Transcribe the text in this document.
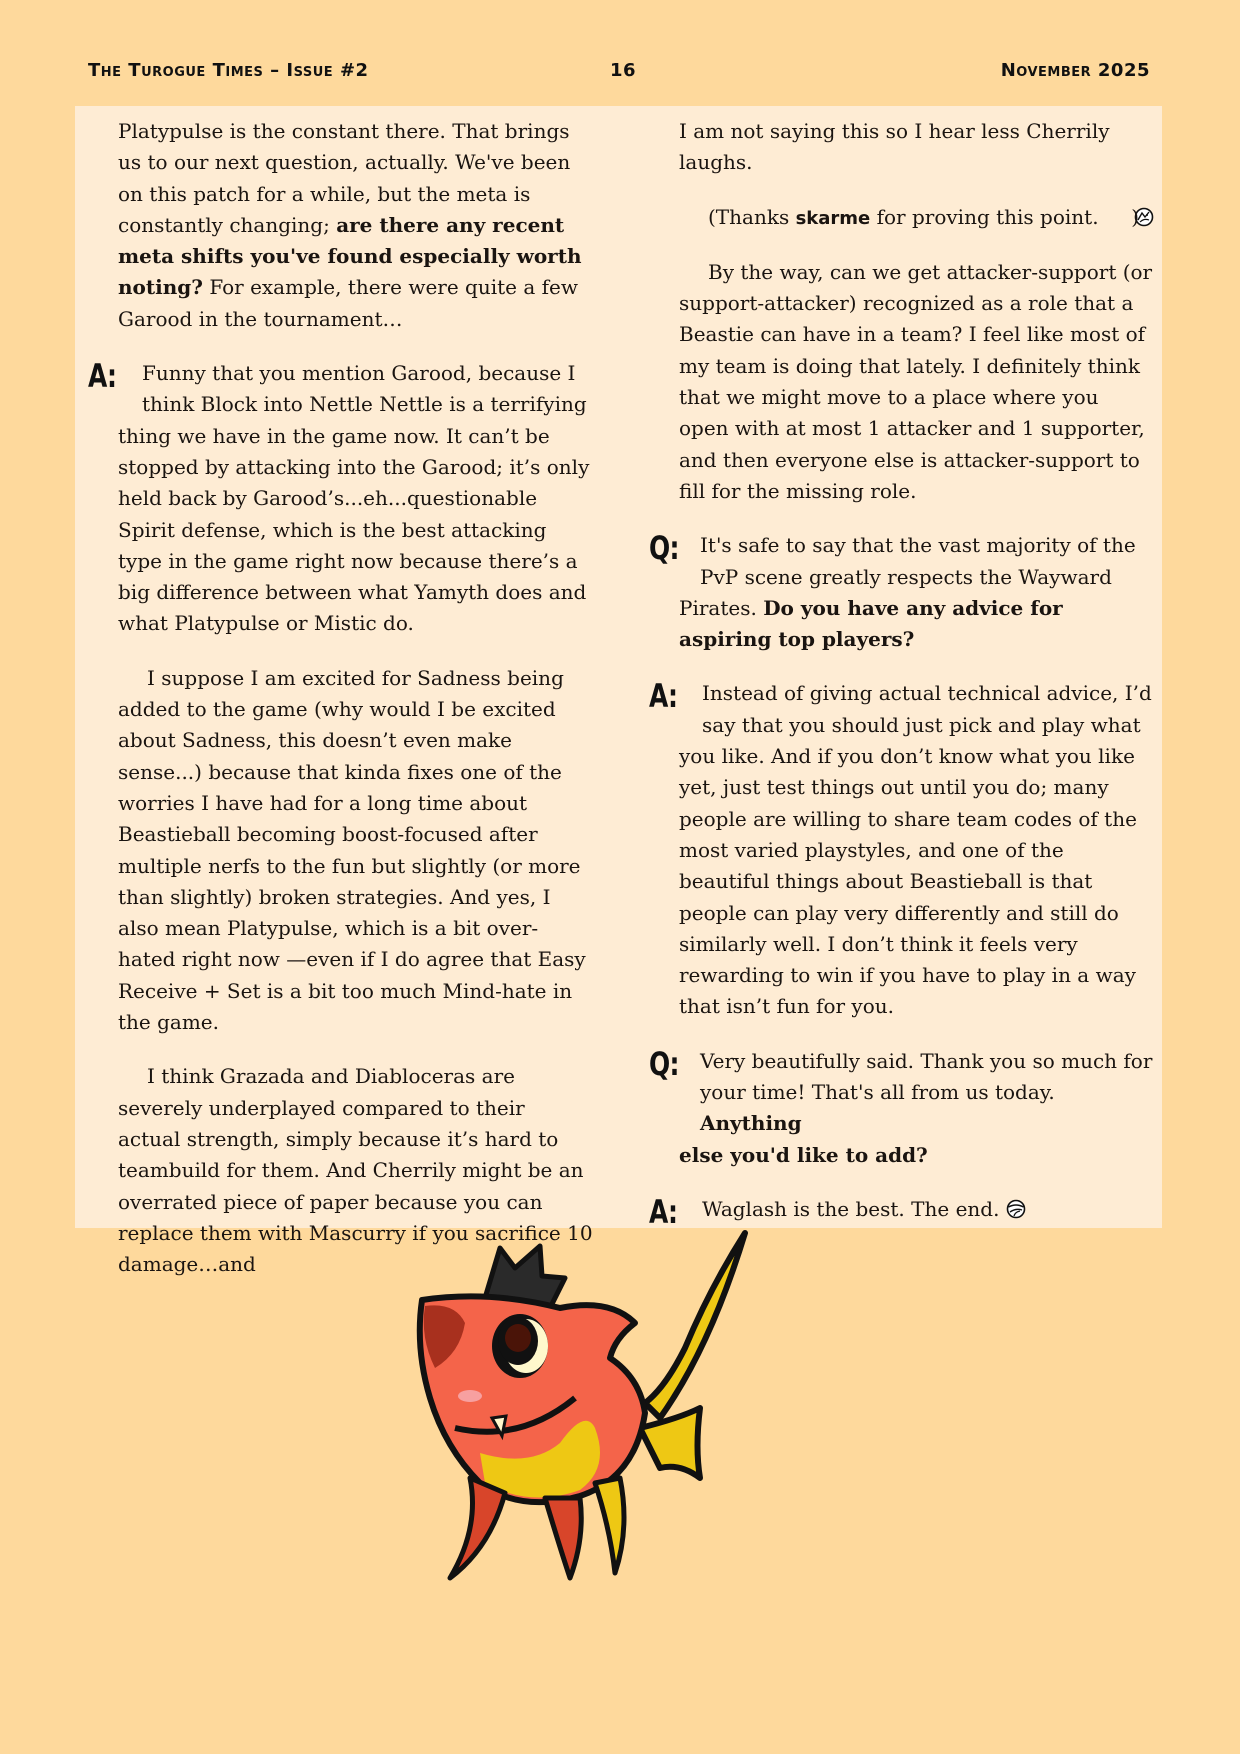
The Turogue Times – Issue #2	16	November 2025

Platypulse is the constant there. That brings us to our next question, actually. We've been on this patch for a while, but the meta is constantly changing; are there any recent meta shifts you've found especially worth noting? For example, there were quite a few Garood in the tournament…

A:	Funny that you mention Garood, because I
think Block into Nettle Nettle is a terrifying
thing we have in the game now. It can’t be stopped by attacking into the Garood; it’s only held back by Garood’s...eh...questionable Spirit defense, which is the best attacking type in the game right now because there’s a big difference between what Yamyth does and what Platypulse or Mistic do.

I suppose I am excited for Sadness being added to the game (why would I be excited about Sadness, this doesn’t even make sense...) because that kinda fixes one of the worries I have had for a long time about Beastieball becoming boost-focused after multiple nerfs to the fun but slightly (or more than slightly) broken strategies. And yes, I also mean Platypulse, which is a bit over-hated right now —even if I do agree that Easy Receive + Set is a bit too much Mind-hate in the game.

I think Grazada and Diabloceras are severely underplayed compared to their actual strength, simply because it’s hard to teambuild for them. And Cherrily might be an overrated piece of paper because you can replace them with Mascurry if you sacrifice 10 damage…and

I am not saying this so I hear less Cherrily laughs.

(Thanks skarme for proving this point.  )

By the way, can we get attacker-support (or support-attacker) recognized as a role that a Beastie can have in a team? I feel like most of my team is doing that lately. I definitely think that we might move to a place where you open with at most 1 attacker and 1 supporter, and then everyone else is attacker-support to fill for the missing role.

Q:	It's safe to say that the vast majority of the
PvP scene greatly respects the Wayward
Pirates. Do you have any advice for aspiring top players?

A:	Instead of giving actual technical advice, I’d
say that you should just pick and play what
you like. And if you don’t know what you like yet, just test things out until you do; many people are willing to share team codes of the most varied playstyles, and one of the beautiful things about Beastieball is that people can play very differently and still do similarly well. I don’t think it feels very rewarding to win if you have to play in a way that isn’t fun for you.

Q:	Very beautifully said. Thank you so much for
your time! That's all from us today. Anything
else you'd like to add?

A:	Waglash is the best. The end.
